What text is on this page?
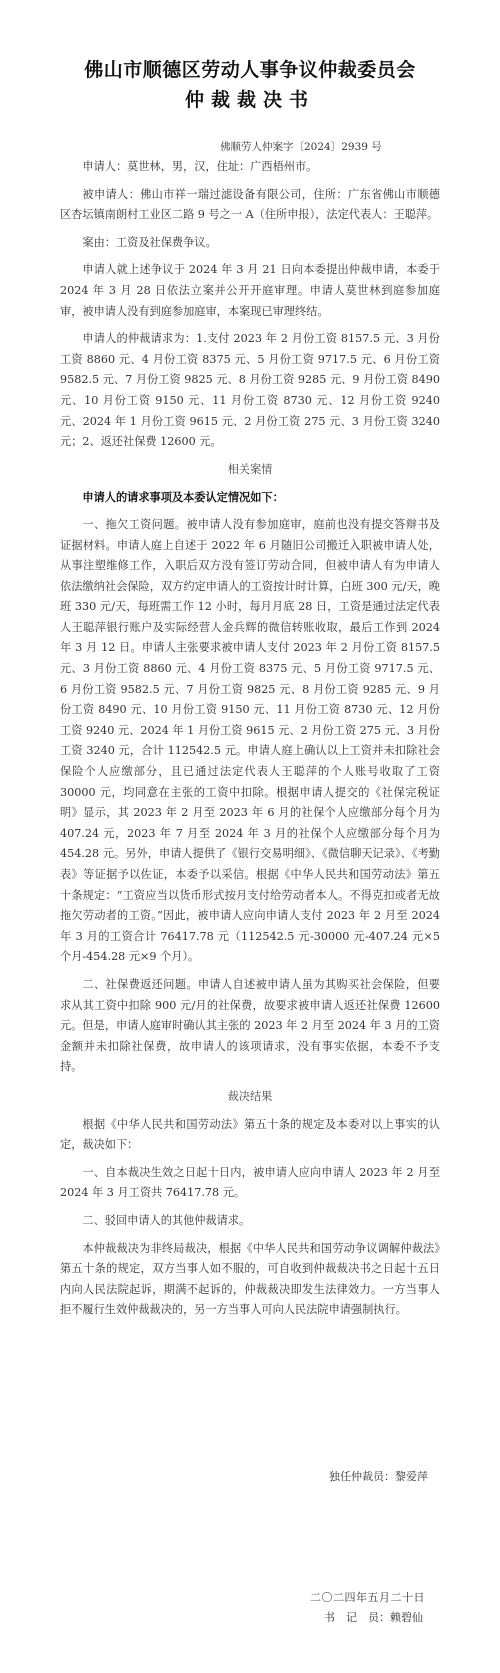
佛山市顺德区劳动人事争议仲裁委员会
仲裁裁决书
佛顺劳人仲案字〔2024〕2939 号

申请人：莫世林，男，汉，住址：广西梧州市。

被申请人：佛山市祥一瑞过滤设备有限公司，住所：广东省佛山市顺德区杏坛镇南朗村工业区二路 9 号之一 A（住所申报），法定代表人：王聪萍。

案由：工资及社保费争议。

申请人就上述争议于 2024 年 3 月 21 日向本委提出仲裁申请，本委于 2024 年 3 月 28 日依法立案并公开开庭审理。申请人莫世林到庭参加庭审，被申请人没有到庭参加庭审，本案现已审理终结。

申请人的仲裁请求为：1.支付 2023 年 2 月份工资 8157.5 元、3 月份工资 8860 元、4 月份工资 8375 元、5 月份工资 9717.5 元、6 月份工资 9582.5 元、7 月份工资 9825 元、8 月份工资 9285 元、9 月份工资 8490 元、10 月份工资 9150 元、11 月份工资 8730 元、12 月份工资 9240 元、2024 年 1 月份工资 9615 元、2 月份工资 275 元、3 月份工资 3240 元；2、返还社保费 12600 元。

相关案情

申请人的请求事项及本委认定情况如下：

一、拖欠工资问题。被申请人没有参加庭审，庭前也没有提交答辩书及证据材料。申请人庭上自述于 2022 年 6 月随旧公司搬迁入职被申请人处，从事注塑维修工作，入职后双方没有签订劳动合同，但被申请人有为申请人依法缴纳社会保险，双方约定申请人的工资按计时计算，白班 300 元/天，晚班 330 元/天，每班需工作 12 小时，每月月底 28 日，工资是通过法定代表人王聪萍银行账户及实际经营人金兵辉的微信转账收取，最后工作到 2024 年 3 月 12 日。申请人主张要求被申请人支付 2023 年 2 月份工资 8157.5 元、3 月份工资 8860 元、4 月份工资 8375 元、5 月份工资 9717.5 元、6 月份工资 9582.5 元、7 月份工资 9825 元、8 月份工资 9285 元、9 月份工资 8490 元、10 月份工资 9150 元、11 月份工资 8730 元、12 月份工资 9240 元、2024 年 1 月份工资 9615 元、2 月份工资 275 元、3 月份工资 3240 元，合计 112542.5 元。申请人庭上确认以上工资并未扣除社会保险个人应缴部分，且已通过法定代表人王聪萍的个人账号收取了工资 30000 元，均同意在主张的工资中扣除。根据申请人提交的《社保完税证明》显示，其 2023 年 2 月至 2023 年 6 月的社保个人应缴部分每个月为 407.24 元，2023 年 7 月至 2024 年 3 月的社保个人应缴部分每个月为 454.28 元。另外，申请人提供了《银行交易明细》、《微信聊天记录》、《考勤表》等证据予以佐证，本委予以采信。根据《中华人民共和国劳动法》第五十条规定：“工资应当以货币形式按月支付给劳动者本人。不得克扣或者无故拖欠劳动者的工资。”因此，被申请人应向申请人支付 2023 年 2 月至 2024 年 3 月的工资合计 76417.78 元（112542.5 元-30000 元-407.24 元×5 个月-454.28 元×9 个月）。

二、社保费返还问题。申请人自述被申请人虽为其购买社会保险，但要求从其工资中扣除 900 元/月的社保费，故要求被申请人返还社保费 12600 元。但是，申请人庭审时确认其主张的 2023 年 2 月至 2024 年 3 月的工资金额并未扣除社保费，故申请人的该项请求，没有事实依据，本委不予支持。

裁决结果

根据《中华人民共和国劳动法》第五十条的规定及本委对以上事实的认定，裁决如下：

一、自本裁决生效之日起十日内，被申请人应向申请人 2023 年 2 月至 2024 年 3 月工资共 76417.78 元。

二、驳回申请人的其他仲裁请求。

本仲裁裁决为非终局裁决，根据《中华人民共和国劳动争议调解仲裁法》第五十条的规定，双方当事人如不服的，可自收到仲裁裁决书之日起十五日内向人民法院起诉，期满不起诉的，仲裁裁决即发生法律效力。一方当事人拒不履行生效仲裁裁决的，另一方当事人可向人民法院申请强制执行。

独任仲裁员：黎爱萍
二〇二四年五月二十日
书　记　员：赖碧仙
